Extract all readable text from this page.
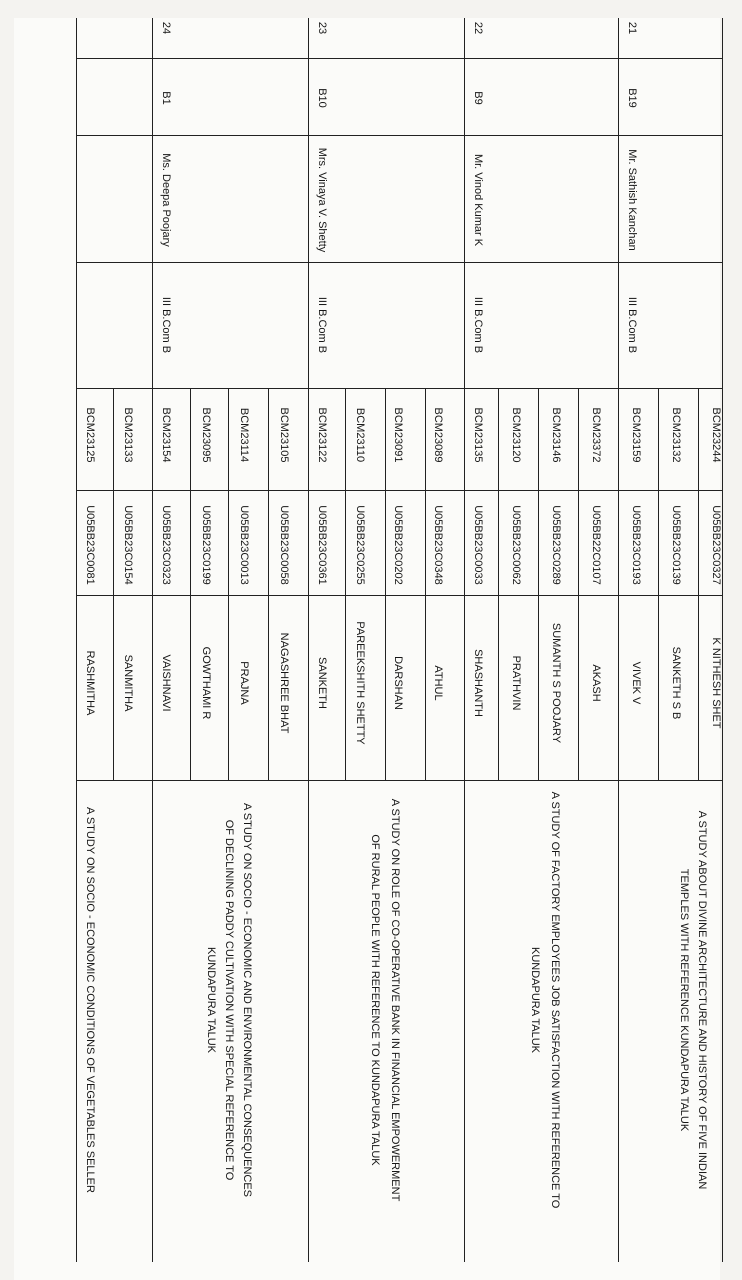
BCM23244
U05BB23C0327
K NITHESH SHET
BCM23132
U05BB23C0139
SANKETH S B
A STUDY ABOUT DIVINE ARCHITECTURE AND HISTORY OF FIVE INDIAN
TEMPLES WITH REFERENCE KUNDAPURA TALUK
21
B19
Mr. Sathish Kanchan
III B.Com B
BCM23159
U05BB23C0193
VIVEK V
BCM23372
U05BB22C0107
AKASH
BCM23146
U05BB23C0289
SUMANTH S POOJARY
A STUDY OF FACTORY EMPLOYEES JOB SATISFACTION WITH REFERENCE TO
KUNDAPURA TALUK
BCM23120
U05BB23C0062
PRATHVIN
22
B9
Mr. Vinod Kumar K
III B.Com B
BCM23135
U05BB23C0033
SHASHANTH
BCM23089
U05BB23C0348
ATHUL
BCM23091
U05BB23C0202
DARSHAN
A STUDY ON ROLE OF CO-OPERATIVE BANK IN FINANCIAL EMPOWERMENT
OF RURAL PEOPLE WITH REFERENCE TO KUNDAPURA TALUK
BCM23110
U05BB23C0255
PAREEKSHITH SHETTY
23
B10
Mrs. Vinaya V. Shetty
III B.Com B
BCM23122
U05BB23C0361
SANKETH
BCM23105
U05BB23C0058
NAGASHREE BHAT
BCM23114
U05BB23C0013
PRAJNA
A STUDY ON SOCIO - ECONOMIC AND ENVIRONMENTAL CONSEQUENCES
OF DECLINING PADDY CULTIVATION WITH SPECIAL REFERENCE TO
KUNDAPURA TALUK
BCM23095
U05BB23C0199
GOWTHAMI R
24
B1
Ms. Deepa Poojary
III B.Com B
BCM23154
U05BB23C0323
VAISHNAVI
BCM23133
U05BB23C0154
SANMITHA
BCM23125
U05BB23C0081
RASHMITHA
A STUDY ON SOCIO - ECONOMIC CONDITIONS OF VEGETABLES SELLER
